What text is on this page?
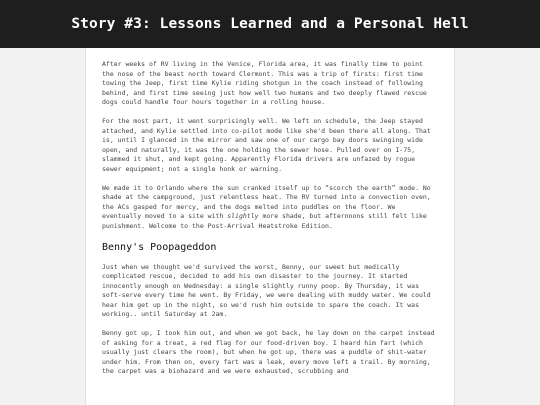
Story #3: Lessons Learned and a Personal Hell

After weeks of RV living in the Venice, Florida area, it was finally time to point the nose of the beast north toward Clermont. This was a trip of firsts: first time towing the Jeep, first time Kylie riding shotgun in the coach instead of following behind, and first time seeing just how well two humans and two deeply flawed rescue dogs could handle four hours together in a rolling house.

For the most part, it went surprisingly well. We left on schedule, the Jeep stayed attached, and Kylie settled into co-pilot mode like she'd been there all along. That is, until I glanced in the mirror and saw one of our cargo bay doors swinging wide open, and naturally, it was the one holding the sewer hose. Pulled over on I-75, slammed it shut, and kept going. Apparently Florida drivers are unfazed by rogue sewer equipment; not a single honk or warning.

We made it to Orlando where the sun cranked itself up to “scorch the earth” mode. No shade at the campground, just relentless heat. The RV turned into a convection oven, the ACs gasped for mercy, and the dogs melted into puddles on the floor. We eventually moved to a site with slightly more shade, but afternoons still felt like punishment. Welcome to the Post-Arrival Heatstroke Edition.

Benny's Poopageddon

Just when we thought we'd survived the worst, Benny, our sweet but medically complicated rescue, decided to add his own disaster to the journey. It started innocently enough on Wednesday: a single slightly runny poop. By Thursday, it was soft-serve every time he went. By Friday, we were dealing with muddy water. We could hear him get up in the night, so we'd rush him outside to spare the coach. It was working.. until Saturday at 2am.

Benny got up, I took him out, and when we got back, he lay down on the carpet instead of asking for a treat, a red flag for our food-driven boy. I heard him fart (which usually just clears the room), but when he got up, there was a puddle of shit-water under him. From then on, every fart was a leak, every move left a trail. By morning, the carpet was a biohazard and we were exhausted, scrubbing and
